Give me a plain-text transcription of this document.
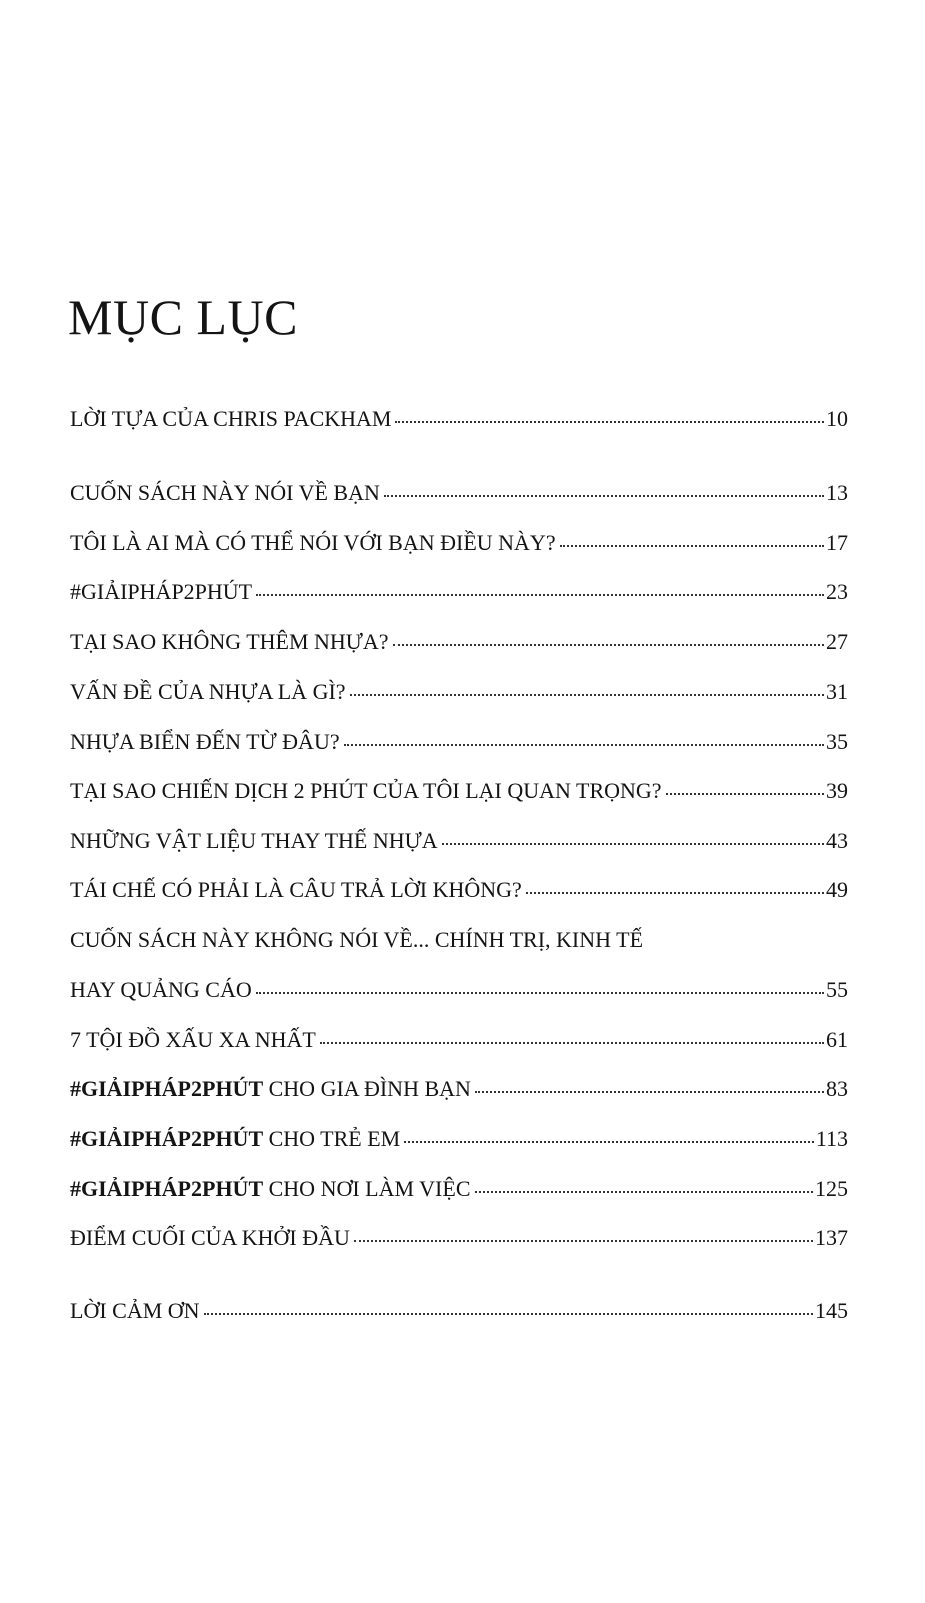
MỤC LỤC
LỜI TỰA CỦA CHRIS PACKHAM	10
CUỐN SÁCH NÀY NÓI VỀ BẠN	13
TÔI LÀ AI MÀ CÓ THỂ NÓI VỚI BẠN ĐIỀU NÀY?	17
#GIẢIPHÁP2PHÚT	23
TẠI SAO KHÔNG THÊM NHỰA?	27
VẤN ĐỀ CỦA NHỰA LÀ GÌ?	31
NHỰA BIỂN ĐẾN TỪ ĐÂU?	35
TẠI SAO CHIẾN DỊCH 2 PHÚT CỦA TÔI LẠI QUAN TRỌNG?	39
NHỮNG VẬT LIỆU THAY THẾ NHỰA	43
TÁI CHẾ CÓ PHẢI LÀ CÂU TRẢ LỜI KHÔNG?	49
CUỐN SÁCH NÀY KHÔNG NÓI VỀ... CHÍNH TRỊ, KINH TẾ
HAY QUẢNG CÁO	55
7 TỘI ĐỒ XẤU XA NHẤT	61
#GIẢIPHÁP2PHÚT CHO GIA ĐÌNH BẠN	83
#GIẢIPHÁP2PHÚT CHO TRẺ EM	113
#GIẢIPHÁP2PHÚT CHO NƠI LÀM VIỆC	125
ĐIỂM CUỐI CỦA KHỞI ĐẦU	137
LỜI CẢM ƠN	145
